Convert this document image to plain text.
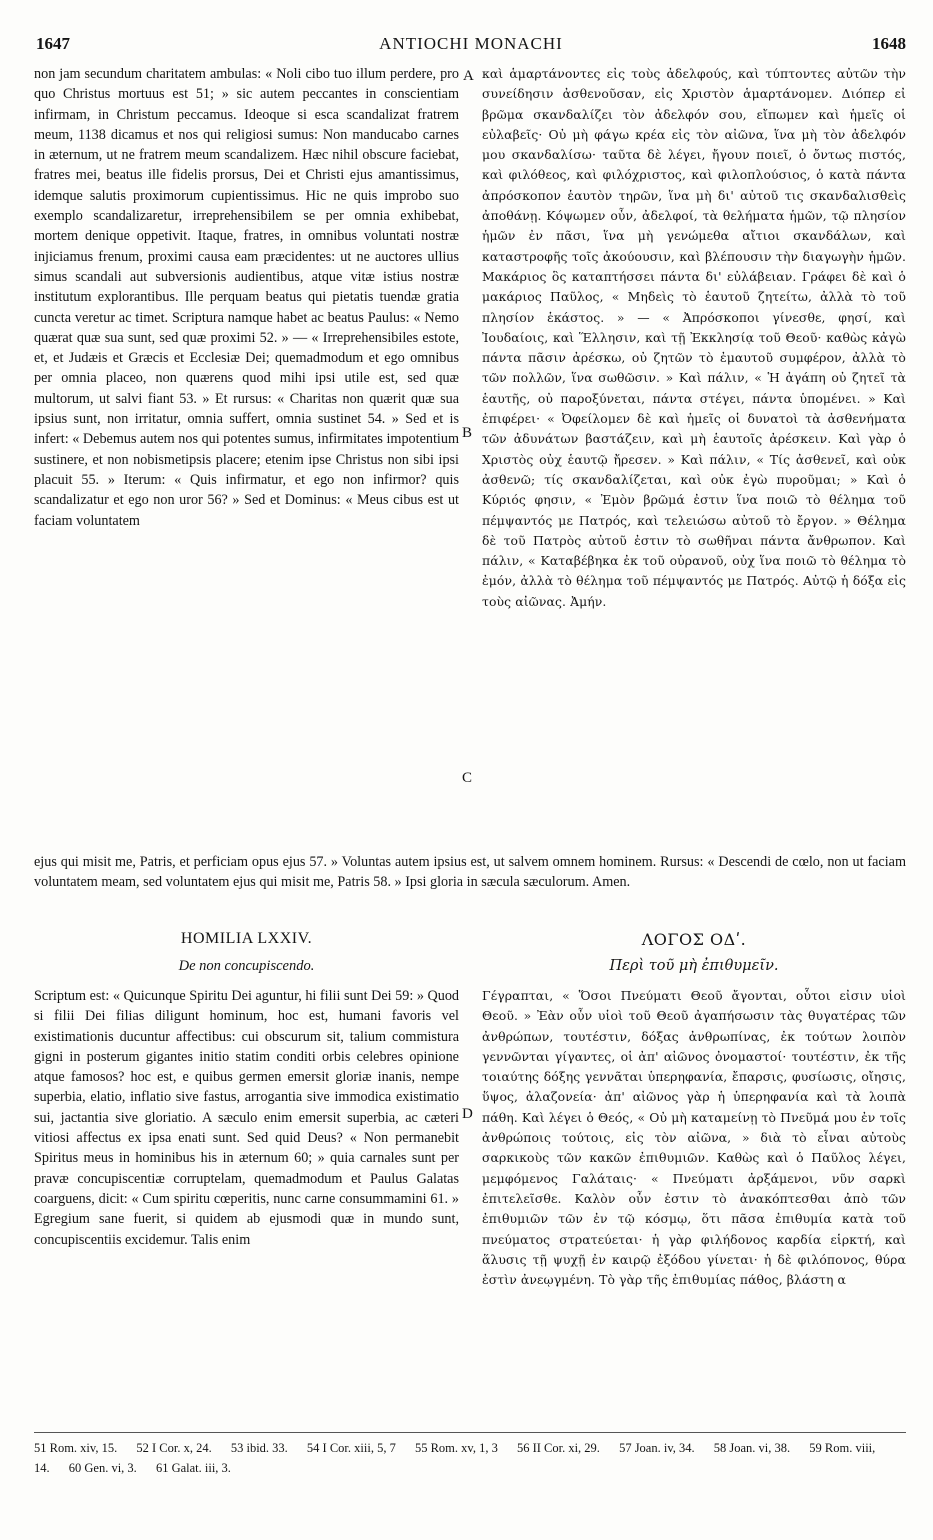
1647	ANTIOCHI MONACHI	1648

non jam secundum charitatem ambulas: « Noli cibo tuo illum perdere, pro quo Christus mortuus est 51; » sic autem peccantes in conscientiam infirmam, in Christum peccamus. Ideoque si esca scandalizat fratrem meum, 1138 dicamus et nos qui religiosi sumus: Non manducabo carnes in æternum, ut ne fratrem meum scandalizem. Hæc nihil obscure faciebat, fratres mei, beatus ille fidelis prorsus, Dei et Christi ejus amantissimus, idemque salutis proximorum cupientissimus. Hic ne quis improbo suo exemplo scandalizaretur, irreprehensibilem se per omnia exhibebat, mortem denique oppetivit. Itaque, fratres, in omnibus voluntati nostræ injiciamus frenum, proximi causa eam præcidentes: ut ne auctores ullius simus scandali aut subversionis audientibus, atque vitæ istius nostræ institutum explorantibus. Ille perquam beatus qui pietatis tuendæ gratia cuncta veretur ac timet. Scriptura namque habet ac beatus Paulus: « Nemo quærat quæ sua sunt, sed quæ proximi 52. » — « Irreprehensibiles estote, et, et Judæis et Græcis et Ecclesiæ Dei; quemadmodum et ego omnibus per omnia placeo, non quærens quod mihi ipsi utile est, sed quæ multorum, ut salvi fiant 53. » Et rursus: « Charitas non quærit quæ sua ipsius sunt, non irritatur, omnia suffert, omnia sustinet 54. » Sed et is infert: « Debemus autem nos qui potentes sumus, infirmitates impotentium sustinere, et non nobismetipsis placere; etenim ipse Christus non sibi ipsi placuit 55. » Iterum: « Quis infirmatur, et ego non infirmor? quis scandalizatur et ego non uror 56? » Sed et Dominus: « Meus cibus est ut faciam voluntatem

καὶ ἁμαρτάνοντες εἰς τοὺς ἀδελφούς, καὶ τύπτοντες αὐτῶν τὴν συνείδησιν ἀσθενοῦσαν, εἰς Χριστὸν ἁμαρτάνομεν. Διόπερ εἰ βρῶμα σκανδαλίζει τὸν ἀδελφόν σου, εἴπωμεν καὶ ἡμεῖς οἱ εὐλαβεῖς· Οὐ μὴ φάγω κρέα εἰς τὸν αἰῶνα, ἵνα μὴ τὸν ἀδελφόν μου σκανδαλίσω· ταῦτα δὲ λέγει, ἤγουν ποιεῖ, ὁ ὄντως πιστός, καὶ φιλόθεος, καὶ φιλόχριστος, καὶ φιλοπλούσιος, ὁ κατὰ πάντα ἀπρόσκοπον ἑαυτὸν τηρῶν, ἵνα μὴ δι' αὐτοῦ τις σκανδαλισθεὶς ἀποθάνῃ. Κόψωμεν οὖν, ἀδελφοί, τὰ θελήματα ἡμῶν, τῷ πλησίον ἡμῶν ἐν πᾶσι, ἵνα μὴ γενώμεθα αἴτιοι σκανδάλων, καὶ καταστροφῆς τοῖς ἀκούουσιν, καὶ βλέπουσιν τὴν διαγωγὴν ἡμῶν. Μακάριος ὃς καταπτήσσει πάντα δι' εὐλάβειαν. Γράφει δὲ καὶ ὁ μακάριος Παῦλος, « Μηδεὶς τὸ ἑαυτοῦ ζητείτω, ἀλλὰ τὸ τοῦ πλησίον ἑκάστος. » — « Ἀπρόσκοποι γίνεσθε, φησί, καὶ Ἰουδαίοις, καὶ Ἕλλησιν, καὶ τῇ Ἐκκλησίᾳ τοῦ Θεοῦ· καθὼς κἀγὼ πάντα πᾶσιν ἀρέσκω, οὐ ζητῶν τὸ ἐμαυτοῦ συμφέρον, ἀλλὰ τὸ τῶν πολλῶν, ἵνα σωθῶσιν. » Καὶ πάλιν, « Ἡ ἀγάπη οὐ ζητεῖ τὰ ἑαυτῆς, οὐ παροξύνεται, πάντα στέγει, πάντα ὑπομένει. » Καὶ ἐπιφέρει· « Ὀφείλομεν δὲ καὶ ἡμεῖς οἱ δυνατοὶ τὰ ἀσθενήματα τῶν ἀδυνάτων βαστάζειν, καὶ μὴ ἑαυτοῖς ἀρέσκειν. Καὶ γὰρ ὁ Χριστὸς οὐχ ἑαυτῷ ἤρεσεν. » Καὶ πάλιν, « Τίς ἀσθενεῖ, καὶ οὐκ ἀσθενῶ; τίς σκανδαλίζεται, καὶ οὐκ ἐγὼ πυροῦμαι; » Καὶ ὁ Κύριός φησιν, « Ἐμὸν βρῶμά ἐστιν ἵνα ποιῶ τὸ θέλημα τοῦ πέμψαντός με Πατρός, καὶ τελειώσω αὐτοῦ τὸ ἔργον. » Θέλημα δὲ τοῦ Πατρὸς αὐτοῦ ἐστιν τὸ σωθῆναι πάντα ἄνθρωπον. Καὶ πάλιν, « Καταβέβηκα ἐκ τοῦ οὐρανοῦ, οὐχ ἵνα ποιῶ τὸ θέλημα τὸ ἐμόν, ἀλλὰ τὸ θέλημα τοῦ πέμψαντός με Πατρός. Αὐτῷ ἡ δόξα εἰς τοὺς αἰῶνας. Ἀμήν.

A
B
C
D

ejus qui misit me, Patris, et perficiam opus ejus 57. » Voluntas autem ipsius est, ut salvem omnem hominem. Rursus: « Descendi de cœlo, non ut faciam voluntatem meam, sed voluntatem ejus qui misit me, Patris 58. » Ipsi gloria in sæcula sæculorum. Amen.

HOMILIA LXXIV.	ΛΟΓΟΣ ΟΔʹ.
De non concupiscendo.	Περὶ τοῦ μὴ ἐπιθυμεῖν.

Scriptum est: « Quicunque Spiritu Dei aguntur, hi filii sunt Dei 59: » Quod si filii Dei filias diligunt hominum, hoc est, humani favoris vel existimationis ducuntur affectibus: cui obscurum sit, talium commistura gigni in posterum gigantes initio statim conditi orbis celebres opinione atque famosos? hoc est, e quibus germen emersit gloriæ inanis, nempe superbia, elatio, inflatio sive fastus, arrogantia sive immodica existimatio sui, jactantia sive gloriatio. A sæculo enim emersit superbia, ac cæteri vitiosi affectus ex ipsa enati sunt. Sed quid Deus? « Non permanebit Spiritus meus in hominibus his in æternum 60; » quia carnales sunt per pravæ concupiscentiæ corruptelam, quemadmodum et Paulus Galatas coarguens, dicit: « Cum spiritu cœperitis, nunc carne consummamini 61. » Egregium sane fuerit, si quidem ab ejusmodi quæ in mundo sunt, concupiscentiis excidemur. Talis enim

Γέγραπται, « Ὅσοι Πνεύματι Θεοῦ ἄγονται, οὗτοι εἰσιν υἱοὶ Θεοῦ. » Ἐὰν οὖν υἱοὶ τοῦ Θεοῦ ἀγαπήσωσιν τὰς θυγατέρας τῶν ἀνθρώπων, τουτέστιν, δόξας ἀνθρωπίνας, ἐκ τούτων λοιπὸν γεννῶνται γίγαντες, οἱ ἀπ' αἰῶνος ὀνομαστοί· τουτέστιν, ἐκ τῆς τοιαύτης δόξης γεννᾶται ὑπερηφανία, ἔπαρσις, φυσίωσις, οἴησις, ὕψος, ἀλαζονεία· ἀπ' αἰῶνος γὰρ ἡ ὑπερηφανία καὶ τὰ λοιπὰ πάθη. Καὶ λέγει ὁ Θεός, « Οὐ μὴ καταμείνῃ τὸ Πνεῦμά μου ἐν τοῖς ἀνθρώποις τούτοις, εἰς τὸν αἰῶνα, » διὰ τὸ εἶναι αὐτοὺς σαρκικοὺς τῶν κακῶν ἐπιθυμιῶν. Καθὼς καὶ ὁ Παῦλος λέγει, μεμφόμενος Γαλάταις· « Πνεύματι ἀρξάμενοι, νῦν σαρκὶ ἐπιτελεῖσθε. Καλὸν οὖν ἐστιν τὸ ἀνακόπτεσθαι ἀπὸ τῶν ἐπιθυμιῶν τῶν ἐν τῷ κόσμῳ, ὅτι πᾶσα ἐπιθυμία κατὰ τοῦ πνεύματος στρατεύεται· ἡ γὰρ φιλήδονος καρδία εἱρκτή, καὶ ἅλυσις τῇ ψυχῇ ἐν καιρῷ ἐξόδου γίνεται· ἡ δὲ φιλόπονος, θύρα ἐστὶν ἀνεῳγμένη. Τὸ γὰρ τῆς ἐπιθυμίας πάθος, βλάστη α

51 Rom. xiv, 15. 52 I Cor. x, 24. 53 ibid. 33. 54 I Cor. xiii, 5, 7 55 Rom. xv, 1, 3 56 II Cor. xi, 29. 57 Joan. iv, 34. 58 Joan. vi, 38. 59 Rom. viii, 14. 60 Gen. vi, 3. 61 Galat. iii, 3.
